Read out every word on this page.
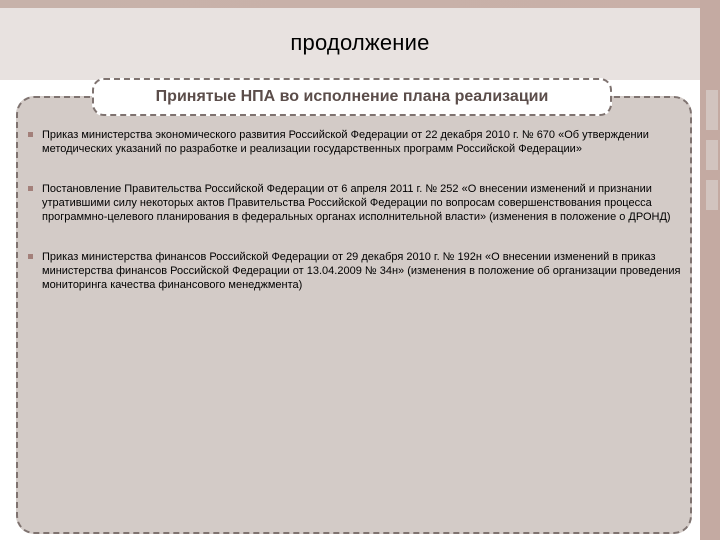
продолжение
Принятые НПА во исполнение плана реализации
Приказ министерства экономического развития Российской Федерации от 22 декабря 2010 г. № 670 «Об утверждении методических указаний по разработке и реализации государственных программ Российской Федерации»
Постановление Правительства Российской Федерации от 6 апреля 2011 г. № 252 «О внесении изменений и признании утратившими силу некоторых актов Правительства Российской Федерации по вопросам совершенствования процесса программно-целевого планирования в федеральных органах исполнительной власти» (изменения в положение о ДРОНД)
Приказ министерства финансов Российской Федерации от 29 декабря 2010 г. № 192н «О внесении изменений в приказ министерства финансов Российской Федерации от 13.04.2009 № 34н» (изменения в положение об организации проведения мониторинга качества финансового менеджмента)
